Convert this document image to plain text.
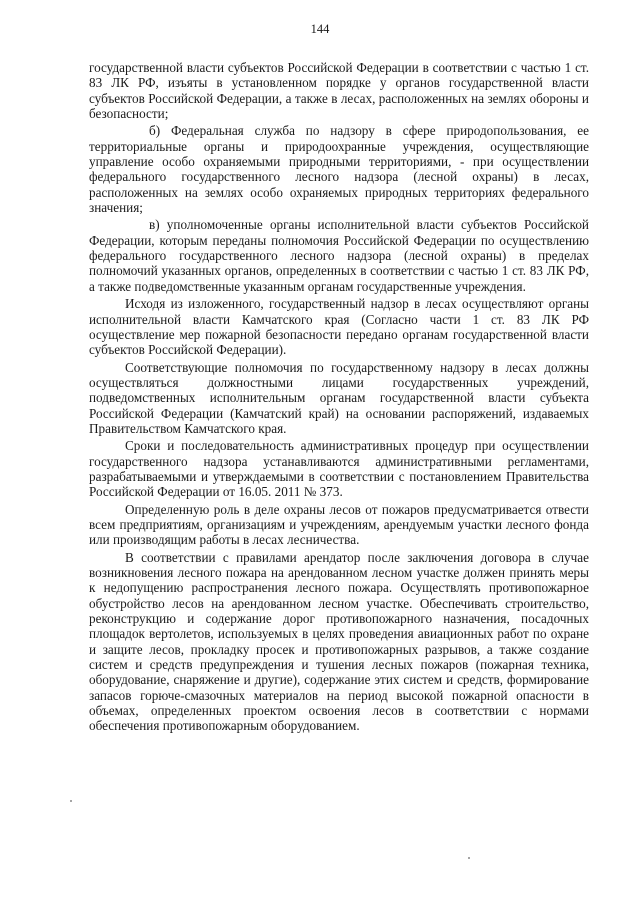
144

государственной власти субъектов Российской Федерации в соответствии с частью 1 ст. 83 ЛК РФ, изъяты в установленном порядке у органов государственной власти субъектов Российской Федерации, а также в лесах, расположенных на землях обороны и безопасности;

б) Федеральная служба по надзору в сфере природопользования, ее территориальные органы и природоохранные учреждения, осуществляющие управление особо охраняемыми природными территориями, - при осуществлении федерального государственного лесного надзора (лесной охраны) в лесах, расположенных на землях особо охраняемых природных территориях федерального значения;

в) уполномоченные органы исполнительной власти субъектов Российской Федерации, которым переданы полномочия Российской Федерации по осуществлению федерального государственного лесного надзора (лесной охраны) в пределах полномочий указанных органов, определенных в соответствии с частью 1 ст. 83 ЛК РФ, а также подведомственные указанным органам государственные учреждения.

Исходя из изложенного, государственный надзор в лесах осуществляют органы исполнительной власти Камчатского края (Согласно части 1 ст. 83 ЛК РФ осуществление мер пожарной безопасности передано органам государственной власти субъектов Российской Федерации).

Соответствующие полномочия по государственному надзору в лесах должны осуществляться должностными лицами государственных учреждений, подведомственных исполнительным органам государственной власти субъекта Российской Федерации (Камчатский край) на основании распоряжений, издаваемых Правительством Камчатского края.

Сроки и последовательность административных процедур при осуществлении государственного надзора устанавливаются административными регламентами, разрабатываемыми и утверждаемыми в соответствии с постановлением Правительства Российской Федерации от 16.05. 2011 № 373.

Определенную роль в деле охраны лесов от пожаров предусматривается отвести всем предприятиям, организациям и учреждениям, арендуемым участки лесного фонда или производящим работы в лесах лесничества.

В соответствии с правилами арендатор после заключения договора в случае возникновения лесного пожара на арендованном лесном участке должен принять меры к недопущению распространения лесного пожара. Осуществлять противопожарное обустройство лесов на арендованном лесном участке. Обеспечивать строительство, реконструкцию и содержание дорог противопожарного назначения, посадочных площадок вертолетов, используемых в целях проведения авиационных работ по охране и защите лесов, прокладку просек и противопожарных разрывов, а также создание систем и средств предупреждения и тушения лесных пожаров (пожарная техника, оборудование, снаряжение и другие), содержание этих систем и средств, формирование запасов горюче-смазочных материалов на период высокой пожарной опасности в объемах, определенных проектом освоения лесов в соответствии с нормами обеспечения противопожарным оборудованием.
